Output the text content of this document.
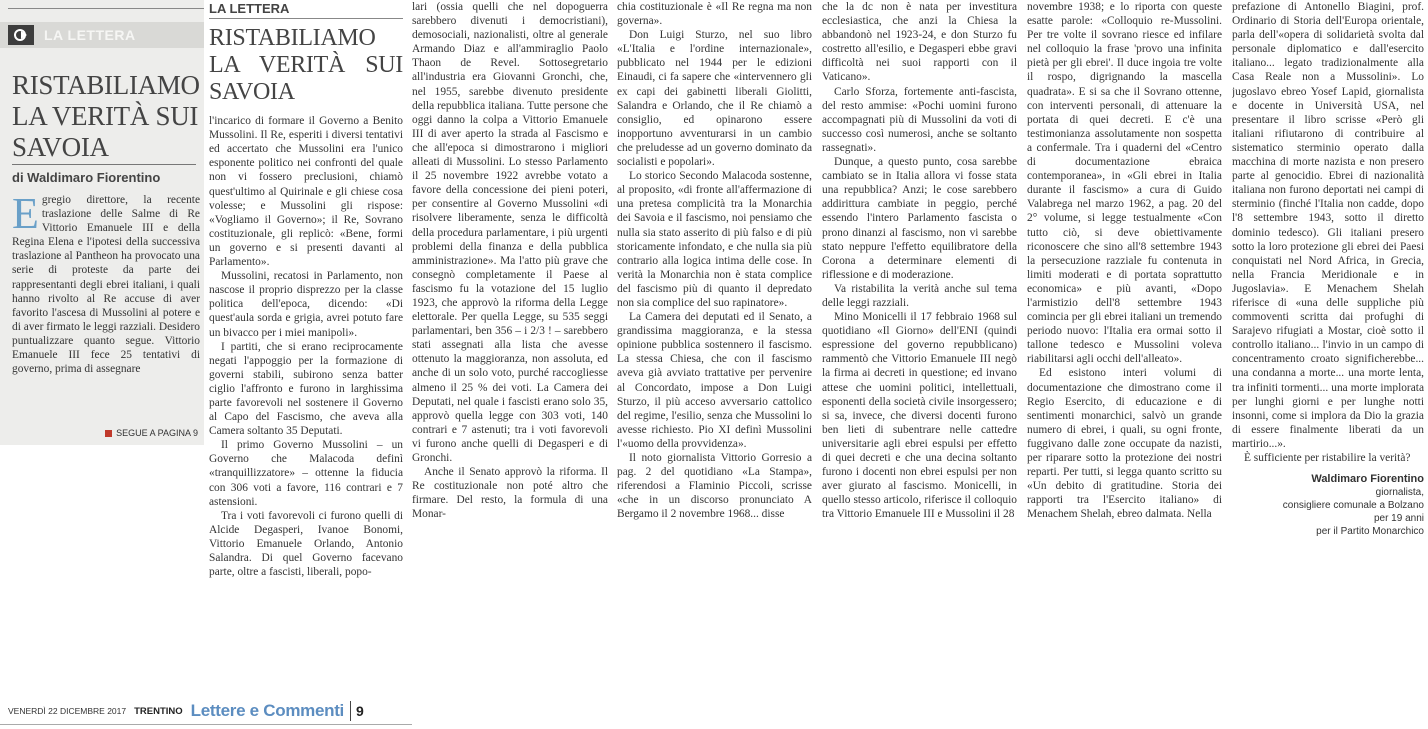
LA LETTERA
RISTABILIAMO LA VERITÀ SUI SAVOIA
di Waldimaro Fiorentino
Egregio direttore, la recente traslazione delle Salme di Re Vittorio Emanuele III e della Regina Elena e l'ipotesi della successiva traslazione al Pantheon ha provocato una serie di proteste da parte dei rappresentanti degli ebrei italiani, i quali hanno rivolto al Re accuse di aver favorito l'ascesa di Mussolini al potere e di aver firmato le leggi razziali. Desidero puntualizzare quanto segue. Vittorio Emanuele III fece 25 tentativi di governo, prima di assegnare
SEGUE A PAGINA 9
LA LETTERA
RISTABILIAMO LA VERITÀ SUI SAVOIA

l'incarico di formare il Governo a Benito Mussolini. Il Re, esperiti i diversi tentativi ed accertato che Mussolini era l'unico esponente politico nei confronti del quale non vi fossero preclusioni, chiamò quest'ultimo al Quirinale e gli chiese cosa volesse; e Mussolini gli rispose: «Vogliamo il Governo»; il Re, Sovrano costituzionale, gli replicò: «Bene, formi un governo e si presenti davanti al Parlamento».

Mussolini, recatosi in Parlamento, non nascose il proprio disprezzo per la classe politica dell'epoca, dicendo: «Di quest'aula sorda e grigia, avrei potuto fare un bivacco per i miei manipoli».

I partiti, che si erano reciprocamente negati l'appoggio per la formazione di governi stabili, subirono senza batter ciglio l'affronto e furono in larghissima parte favorevoli nel sostenere il Governo al Capo del Fascismo, che aveva alla Camera soltanto 35 Deputati.

Il primo Governo Mussolini – un Governo che Malacoda definì «tranquillizzatore» – ottenne la fiducia con 306 voti a favore, 116 contrari e 7 astensioni.

Tra i voti favorevoli ci furono quelli di Alcide Degasperi, Ivanoe Bonomi, Vittorio Emanuele Orlando, Antonio Salandra. Di quel Governo facevano parte, oltre a fascisti, liberali, popo-

lari (ossia quelli che nel dopoguerra sarebbero divenuti i democristiani), demosociali, nazionalisti, oltre al generale Armando Diaz e all'ammiraglio Paolo Thaon de Revel. Sottosegretario all'industria era Giovanni Gronchi, che, nel 1955, sarebbe divenuto presidente della repubblica italiana. Tutte persone che oggi danno la colpa a Vittorio Emanuele III di aver aperto la strada al Fascismo e che all'epoca si dimostrarono i migliori alleati di Mussolini. Lo stesso Parlamento il 25 novembre 1922 avrebbe votato a favore della concessione dei pieni poteri, per consentire al Governo Mussolini «di risolvere liberamente, senza le difficoltà della procedura parlamentare, i più urgenti problemi della finanza e della pubblica amministrazione». Ma l'atto più grave che consegnò completamente il Paese al fascismo fu la votazione del 15 luglio 1923, che approvò la riforma della Legge elettorale. Per quella Legge, su 535 seggi parlamentari, ben 356 – i 2/3 ! – sarebbero stati assegnati alla lista che avesse ottenuto la maggioranza, non assoluta, ed anche di un solo voto, purché raccogliesse almeno il 25 % dei voti. La Camera dei Deputati, nel quale i fascisti erano solo 35, approvò quella legge con 303 voti, 140 contrari e 7 astenuti; tra i voti favorevoli vi furono anche quelli di Degasperi e di Gronchi.

Anche il Senato approvò la riforma. Il Re costituzionale non poté altro che firmare. Del resto, la formula di una Monar-

chia costituzionale è «Il Re regna ma non governa».

Don Luigi Sturzo, nel suo libro «L'Italia e l'ordine internazionale», pubblicato nel 1944 per le edizioni Einaudi, ci fa sapere che «intervennero gli ex capi dei gabinetti liberali Giolitti, Salandra e Orlando, che il Re chiamò a consiglio, ed opinarono essere inopportuno avventurarsi in un cambio che preludesse ad un governo dominato da socialisti e popolari».

Lo storico Secondo Malacoda sostenne, al proposito, «di fronte all'affermazione di una pretesa complicità tra la Monarchia dei Savoia e il fascismo, noi pensiamo che nulla sia stato asserito di più falso e di più storicamente infondato, e che nulla sia più contrario alla logica intima delle cose. In verità la Monarchia non è stata complice del fascismo più di quanto il depredato non sia complice del suo rapinatore».

La Camera dei deputati ed il Senato, a grandissima maggioranza, e la stessa opinione pubblica sostennero il fascismo. La stessa Chiesa, che con il fascismo aveva già avviato trattative per pervenire al Concordato, impose a Don Luigi Sturzo, il più acceso avversario cattolico del regime, l'esilio, senza che Mussolini lo avesse richiesto. Pio XI definì Mussolini l'«uomo della provvidenza».

Il noto giornalista Vittorio Gorresio a pag. 2 del quotidiano «La Stampa», riferendosi a Flaminio Piccoli, scrisse «che in un discorso pronunciato A Bergamo il 2 novembre 1968... disse

che la dc non è nata per investitura ecclesiastica, che anzi la Chiesa la abbandonò nel 1923-24, e don Sturzo fu costretto all'esilio, e Degasperi ebbe gravi difficoltà nei suoi rapporti con il Vaticano».

Carlo Sforza, fortemente anti-fascista, del resto ammise: «Pochi uomini furono accompagnati più di Mussolini da voti di successo così numerosi, anche se soltanto rassegnati».

Dunque, a questo punto, cosa sarebbe cambiato se in Italia allora vi fosse stata una repubblica? Anzi; le cose sarebbero addirittura cambiate in peggio, perché essendo l'intero Parlamento fascista o prono dinanzi al fascismo, non vi sarebbe stato neppure l'effetto equilibratore della Corona a determinare elementi di riflessione e di moderazione.

Va ristabilita la verità anche sul tema delle leggi razziali.

Mino Monicelli il 17 febbraio 1968 sul quotidiano «Il Giorno» dell'ENI (quindi espressione del governo repubblicano) rammentò che Vittorio Emanuele III negò la firma ai decreti in questione; ed invano attese che uomini politici, intellettuali, esponenti della società civile insorgessero; si sa, invece, che diversi docenti furono ben lieti di subentrare nelle cattedre universitarie agli ebrei espulsi per effetto di quei decreti e che una decina soltanto furono i docenti non ebrei espulsi per non aver giurato al fascismo. Monicelli, in quello stesso articolo, riferisce il colloquio tra Vittorio Emanuele III e Mussolini il 28

novembre 1938; e lo riporta con queste esatte parole: «Colloquio re-Mussolini. Per tre volte il sovrano riesce ed infilare nel colloquio la frase 'provo una infinita pietà per gli ebrei'. Il duce ingoia tre volte il rospo, digrignando la mascella quadrata». E si sa che il Sovrano ottenne, con interventi personali, di attenuare la portata di quei decreti. E c'è una testimonianza assolutamente non sospetta a confermale. Tra i quaderni del «Centro di documentazione ebraica contemporanea», in «Gli ebrei in Italia durante il fascismo» a cura di Guido Valabrega nel marzo 1962, a pag. 20 del 2° volume, si legge testualmente «Con tutto ciò, si deve obiettivamente riconoscere che sino all'8 settembre 1943 la persecuzione razziale fu contenuta in limiti moderati e di portata soprattutto economica» e più avanti, «Dopo l'armistizio dell'8 settembre 1943 comincia per gli ebrei italiani un tremendo periodo nuovo: l'Italia era ormai sotto il tallone tedesco e Mussolini voleva riabilitarsi agli occhi dell'alleato».

Ed esistono interi volumi di documentazione che dimostrano come il Regio Esercito, di educazione e di sentimenti monarchici, salvò un grande numero di ebrei, i quali, su ogni fronte, fuggivano dalle zone occupate da nazisti, per riparare sotto la protezione dei nostri reparti. Per tutti, si legga quanto scritto su «Un debito di gratitudine. Storia dei rapporti tra l'Esercito italiano» di Menachem Shelah, ebreo dalmata. Nella

prefazione di Antonello Biagini, prof. Ordinario di Storia dell'Europa orientale, parla dell'«opera di solidarietà svolta dal personale diplomatico e dall'esercito italiano... legato tradizionalmente alla Casa Reale non a Mussolini». Lo jugoslavo ebreo Yosef Lapid, giornalista e docente in Università USA, nel presentare il libro scrisse «Però gli italiani rifiutarono di contribuire al sistematico sterminio operato dalla macchina di morte nazista e non presero parte al genocidio. Ebrei di nazionalità italiana non furono deportati nei campi di sterminio (finché l'Italia non cadde, dopo l'8 settembre 1943, sotto il diretto dominio tedesco). Gli italiani presero sotto la loro protezione gli ebrei dei Paesi conquistati nel Nord Africa, in Grecia, nella Francia Meridionale e in Jugoslavia». E Menachem Shelah riferisce di «una delle suppliche più commoventi scritta dai profughi di Sarajevo rifugiati a Mostar, cioè sotto il controllo italiano... l'invio in un campo di concentramento croato significherebbe... una condanna a morte... una morte lenta, tra infiniti tormenti... una morte implorata per lunghi giorni e per lunghe notti insonni, come si implora da Dio la grazia di essere finalmente liberati da un martirio...».

È sufficiente per ristabilire la verità?

Waldimaro Fiorentino
giornalista,
consigliere comunale a Bolzano
per 19 anni
per il Partito Monarchico
VENERDÌ 22 DICEMBRE 2017 TRENTINO Lettere e Commenti 9
